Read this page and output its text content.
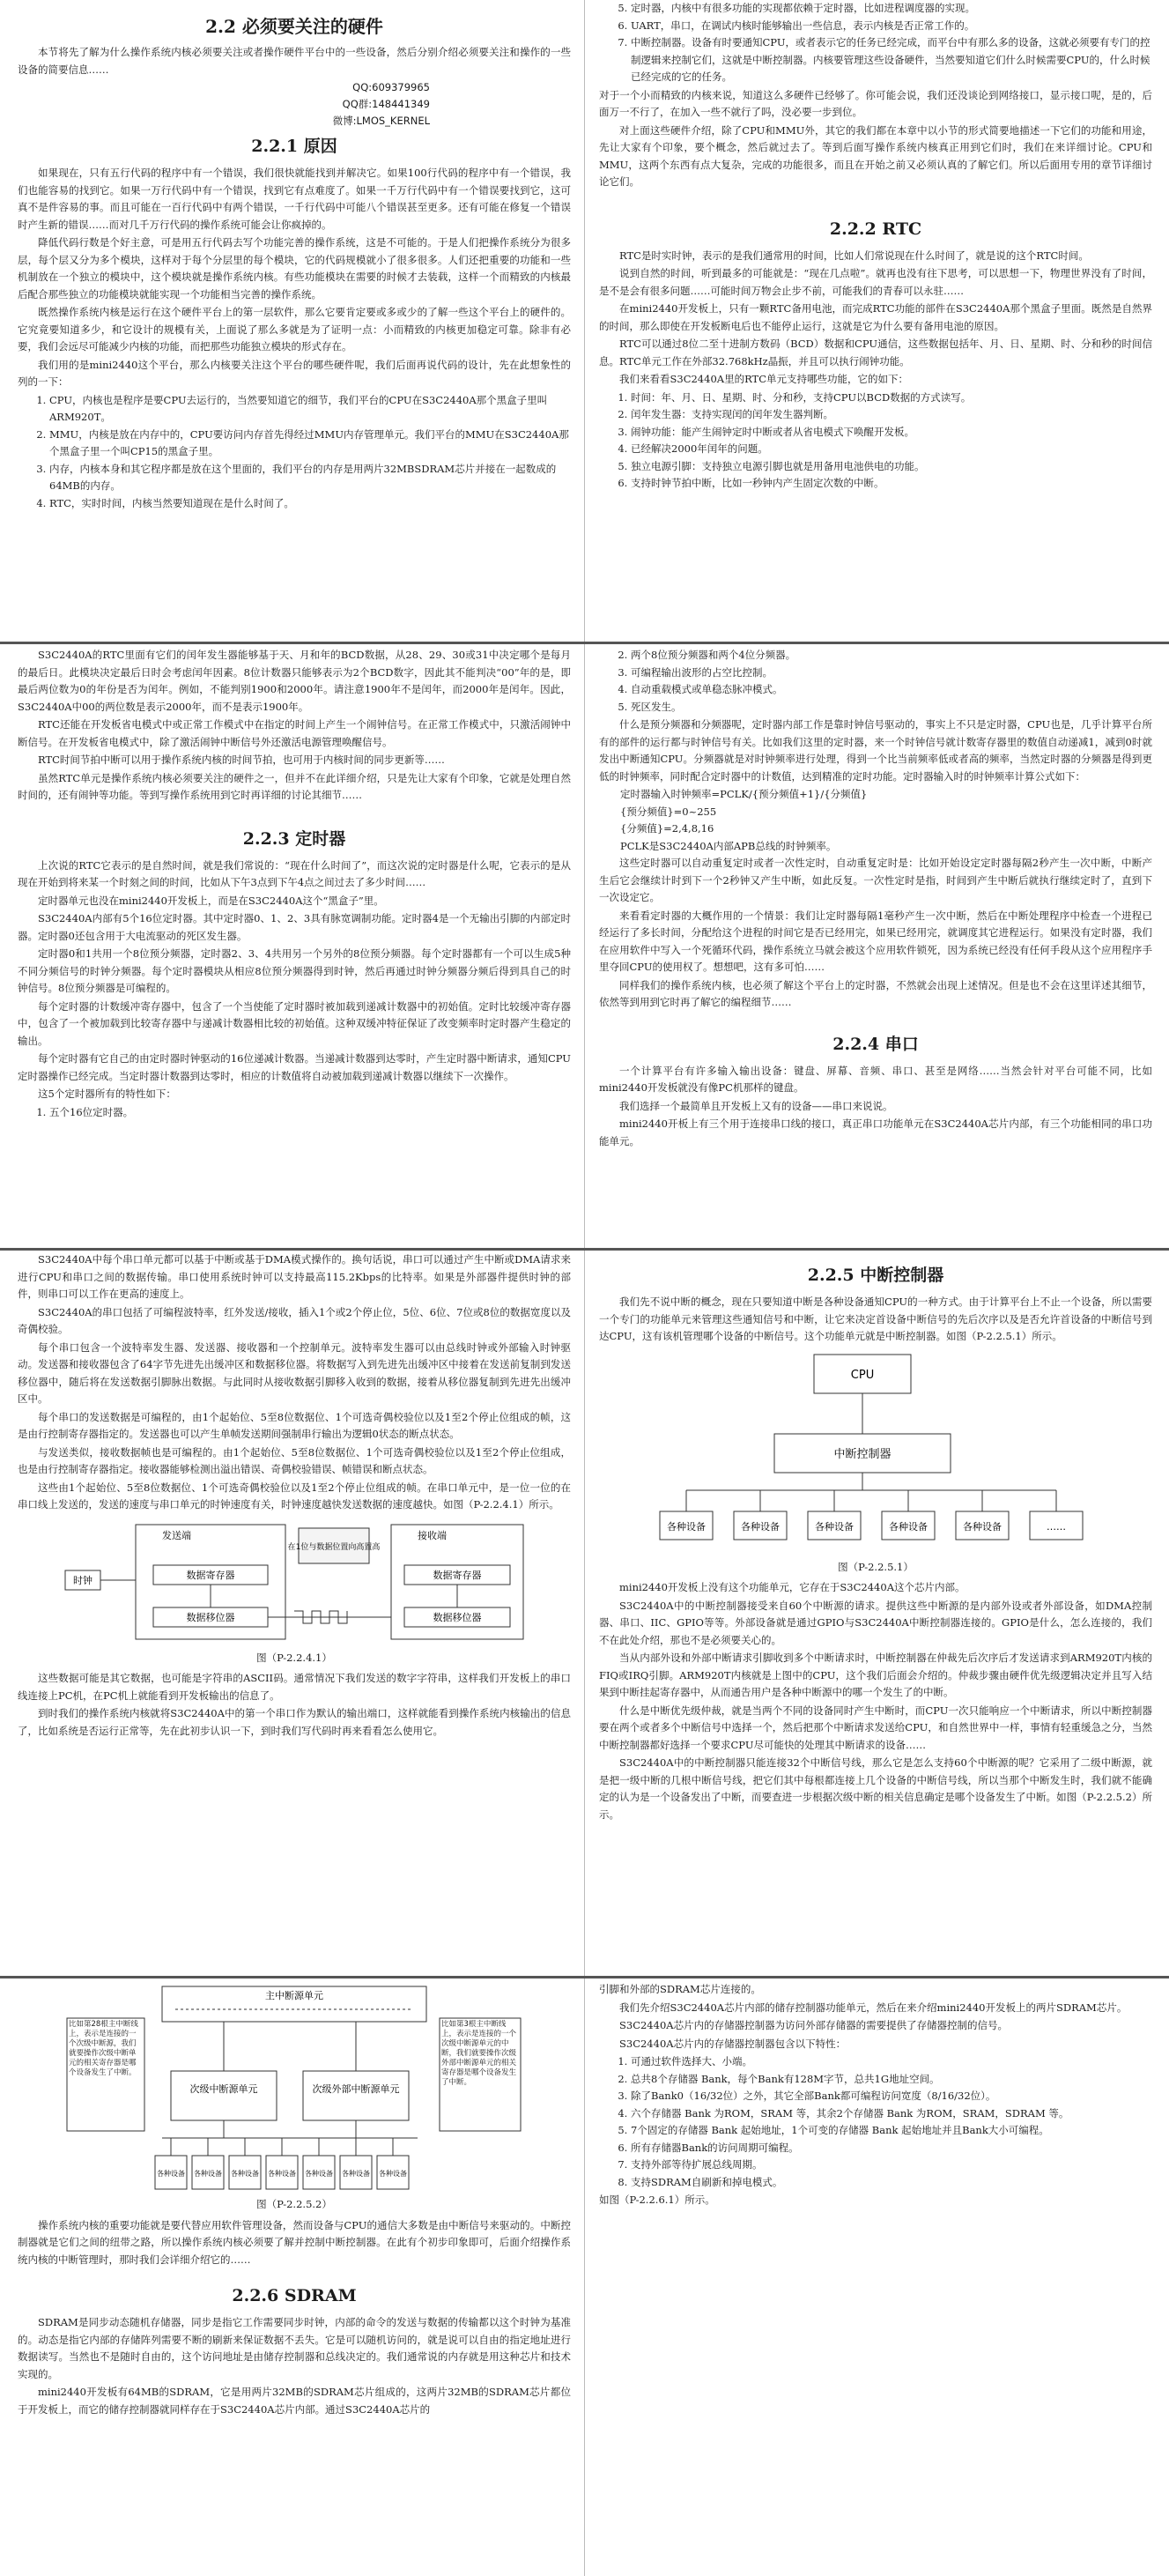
2.2 必须要关注的硬件

本节将先了解为什么操作系统内核必须要关注或者操作硬件平台中的一些设备，然后分别介绍必须要关注和操作的一些设备的简要信息……

QQ:609379965
QQ群:148441349
微博:LMOS_KERNEL
2.2.1 原因

如果现在，只有五行代码的程序中有一个错误，我们很快就能找到并解决它。如果100行代码的程序中有一个错误，我们也能容易的找到它。如果一万行代码中有一个错误，找到它有点难度了。如果一千万行代码中有一个错误要找到它，这可真不是件容易的事。而且可能在一百行代码中有两个错误，一千行代码中可能八个错误甚至更多。还有可能在修复一个错误时产生新的错误……而对几千万行代码的操作系统可能会让你疯掉的。

降低代码行数是个好主意，可是用五行代码去写个功能完善的操作系统，这是不可能的。于是人们把操作系统分为很多层，每个层又分为多个模块，这样对于每个分层里的每个模块，它的代码规模就小了很多很多。人们还把重要的功能和一些机制放在一个独立的模块中，这个模块就是操作系统内核。有些功能模块在需要的时候才去装载，这样一个而精致的内核最后配合那些独立的功能模块就能实现一个功能相当完善的操作系统。

既然操作系统内核是运行在这个硬件平台上的第一层软件，那么它要肯定要或多或少的了解一些这个平台上的硬件的。它究竟要知道多少，和它设计的规模有关，上面说了那么多就是为了证明一点：小而精致的内核更加稳定可靠。除非有必要，我们会远尽可能减少内核的功能，而把那些功能独立模块的形式存在。

我们用的是mini2440这个平台，那么内核要关注这个平台的哪些硬件呢，我们后面再说代码的设计，先在此想象性的列的一下：

1. CPU，内核也是程序是要CPU去运行的，当然要知道它的细节，我们平台的CPU在S3C2440A那个黑盒子里叫ARM920T。
2. MMU，内核是放在内存中的，CPU要访问内存首先得经过MMU内存管理单元。我们平台的MMU在S3C2440A那个黑盒子里一个叫CP15的黑盒子里。
3. 内存，内核本身和其它程序都是放在这个里面的，我们平台的内存是用两片32MBSDRAM芯片并接在一起数成的64MB的内存。
4. RTC，实时时间，内核当然要知道现在是什么时间了。
5. 定时器，内核中有很多功能的实现都依赖于定时器，比如进程调度器的实现。
6. UART，串口，在调试内核时能够输出一些信息，表示内核是否正常工作的。
7. 中断控制器。设备有时要通知CPU，或者表示它的任务已经完成，而平台中有那么多的设备，这就必须要有专门的控制逻辑来控制它们，这就是中断控制器。内核要管理这些设备硬件，当然要知道它们什么时候需要CPU的，什么时候已经完成的它的任务。

对于一个小而精致的内核来说，知道这么多硬件已经够了。你可能会说，我们还没谈论到网络接口，显示接口呢，是的，后面万一不行了，在加入一些不就行了吗，没必要一步到位。

对上面这些硬件介绍，除了CPU和MMU外，其它的我们都在本章中以小节的形式简要地描述一下它们的功能和用途，先让大家有个印象，要个概念，然后就过去了。等到后面写操作系统内核真正用到它们时，我们在来详细讨论。CPU和MMU，这两个东西有点大复杂，完成的功能很多，而且在开始之前又必须认真的了解它们。所以后面用专用的章节详细讨论它们。

2.2.2 RTC

RTC是时实时钟，表示的是我们通常用的时间，比如人们常说现在什么时间了，就是说的这个RTC时间。

说到自然的时间，听到最多的可能就是：“现在几点啦”。就再也没有往下思考，可以思想一下，物理世界没有了时间，是不是会有很多问题……可能时间万物会止步不前，可能我们的青春可以永驻……

在mini2440开发板上，只有一颗RTC备用电池，而完成RTC功能的部件在S3C2440A那个黑盒子里面。既然是自然界的时间，那么即使在开发板断电后也不能停止运行，这就是它为什么要有备用电池的原因。

RTC可以通过8位二至十进制方数码（BCD）数据和CPU通信，这些数据包括年、月、日、星期、时、分和秒的时间信息。RTC单元工作在外部32.768kHz晶振，并且可以执行闹钟功能。

我们来看看S3C2440A里的RTC单元支持哪些功能，它的如下：

1. 时间：年、月、日、星期、时、分和秒，支持CPU以BCD数据的方式读写。
2. 闰年发生器：支持实现闰的闰年发生器判断。
3. 闹钟功能：能产生闹钟定时中断或者从省电模式下唤醒开发板。
4. 已经解决2000年闰年的问题。
5. 独立电源引脚：支持独立电源引脚也就是用备用电池供电的功能。
6. 支持时钟节拍中断，比如一秒钟内产生固定次数的中断。

S3C2440A的RTC里面有它们的闰年发生器能够基于天、月和年的BCD数据，从28、29、30或31中决定哪个是每月的最后日。此模块决定最后日时会考虑闰年因素。8位计数器只能够表示为2个BCD数字，因此其不能判决“00”年的是，即最后两位数为0的年份是否为闰年。例如，不能判别1900和2000年。请注意1900年不是闰年，而2000年是闰年。因此，S3C2440A中00的两位数是表示2000年，而不是表示1900年。

RTC还能在开发板省电模式中或正常工作模式中在指定的时间上产生一个闹钟信号。在正常工作模式中，只激活闹钟中断信号。在开发板省电模式中，除了激活闹钟中断信号外还激活电源管理唤醒信号。

RTC时间节拍中断可以用于操作系统内核的时间节拍，也可用于内核时间的同步更新等……

虽然RTC单元是操作系统内核必须要关注的硬件之一，但并不在此详细介绍，只是先让大家有个印象，它就是处理自然时间的，还有闹钟等功能。等到写操作系统用到它时再详细的讨论其细节……

2.2.3 定时器

上次说的RTC它表示的是自然时间，就是我们常说的：“现在什么时间了”，而这次说的定时器是什么呢，它表示的是从现在开始到将来某一个时刻之间的时间，比如从下午3点到下午4点之间过去了多少时间……

定时器单元也没在mini2440开发板上，而是在S3C2440A这个“黑盒子”里。

S3C2440A内部有5个16位定时器。其中定时器0、1、2、3具有脉宽调制功能。定时器4是一个无输出引脚的内部定时器。定时器0还包含用于大电流驱动的死区发生器。

定时器0和1共用一个8位预分频器，定时器2、3、4共用另一个另外的8位预分频器。每个定时器都有一个可以生成5种不同分频信号的时钟分频器。每个定时器模块从相应8位预分频器得到时钟，然后再通过时钟分频器分频后得到具自己的时钟信号。8位预分频器是可编程的。

每个定时器的计数缓冲寄存器中，包含了一个当使能了定时器时被加载到递减计数器中的初始值。定时比较缓冲寄存器中，包含了一个被加载到比较寄存器中与递减计数器相比较的初始值。这种双缓冲特征保证了改变频率时定时器产生稳定的输出。

每个定时器有它自己的由定时器时钟驱动的16位递减计数器。当递减计数器到达零时，产生定时器中断请求，通知CPU定时器操作已经完成。当定时器计数器到达零时，相应的计数值将自动被加载到递减计数器以继续下一次操作。

这5个定时器所有的特性如下：

1. 五个16位定时器。
2. 两个8位预分频器和两个4位分频器。
3. 可编程输出波形的占空比控制。
4. 自动重载模式或单稳态脉冲模式。
5. 死区发生。

什么是预分频器和分频器呢，定时器内部工作是靠时钟信号驱动的，事实上不只是定时器，CPU也是，几乎计算平台所有的部件的运行都与时钟信号有关。比如我们这里的定时器，来一个时钟信号就计数寄存器里的数值自动递减1，减到0时就发出中断通知CPU。分频器就是对时钟频率进行处理，得到一个比当前频率低或者高的频率，当然定时器的分频器是得到更低的时钟频率，同时配合定时器中的计数值，达到精准的定时功能。定时器输入时的时钟频率计算公式如下：

定时器输入时钟频率=PCLK/{预分频值+1}/{分频值}
{预分频值}=0~255
{分频值}=2,4,8,16
PCLK是S3C2440A内部APB总线的时钟频率。

这些定时器可以自动重复定时或者一次性定时，自动重复定时是：比如开始设定定时器每隔2秒产生一次中断，中断产生后它会继续计时到下一个2秒钟又产生中断，如此反复。一次性定时是指，时间到产生中断后就执行继续定时了，直到下一次设定它。

来看看定时器的大概作用的一个情景：我们让定时器每隔1毫秒产生一次中断，然后在中断处理程序中检查一个进程已经运行了多长时间，分配给这个进程的时间它是否已经用完，如果已经用完，就调度其它进程运行。如果没有定时器，我们在应用软件中写入一个死循环代码，操作系统立马就会被这个应用软件锁死，因为系统已经没有任何手段从这个应用程序手里夺回CPU的使用权了。想想吧，这有多可怕……

同样我们的操作系统内核，也必须了解这个平台上的定时器，不然就会出现上述情况。但是也不会在这里详述其细节，依然等到用到它时再了解它的编程细节……

2.2.4 串口

一个计算平台有许多输入输出设备：键盘、屏幕、音频、串口、甚至是网络……当然会针对平台可能不同，比如mini2440开发板就没有像PC机那样的键盘。

我们选择一个最简单且开发板上又有的设备——串口来说说。

mini2440开板上有三个用于连接串口线的接口，真正串口功能单元在S3C2440A芯片内部，有三个功能相同的串口功能单元。

S3C2440A中每个串口单元都可以基于中断或基于DMA模式操作的。换句话说，串口可以通过产生中断或DMA请求来进行CPU和串口之间的数据传输。串口使用系统时钟可以支持最高115.2Kbps的比特率。如果是外部器件提供时钟的部件，则串口可以工作在更高的速度上。

S3C2440A的串口包括了可编程波特率，红外发送/接收，插入1个或2个停止位，5位、6位、7位或8位的数据宽度以及奇偶校验。

每个串口包含一个波特率发生器、发送器、接收器和一个控制单元。波特率发生器可以由总线时钟或外部输入时钟驱动。发送器和接收器包含了64字节先进先出缓冲区和数据移位器。将数据写入到先进先出缓冲区中接着在发送前复制到发送移位器中，随后将在发送数据引脚脉出数据。与此同时从接收数据引脚移入收到的数据，接着从移位器复制到先进先出缓冲区中。

每个串口的发送数据是可编程的，由1个起始位、5至8位数据位、1个可选奇偶校验位以及1至2个停止位组成的帧，这是由行控制寄存器指定的。发送器也可以产生单帧发送期间强制串行输出为逻辑0状态的断点状态。

与发送类似，接收数据帧也是可编程的。由1个起始位、5至8位数据位、1个可选奇偶校验位以及1至2个停止位组成，也是由行控制寄存器指定。接收器能够检测出溢出错误、奇偶校验错误、帧错误和断点状态。

这些由1个起始位、5至8位数据位、1个可选奇偶校验位以及1至2个停止位组成的帧。在串口单元中，是一位一位的在串口线上发送的，发送的速度与串口单元的时钟速度有关，时钟速度越快发送数据的速度越快。如图（P-2.2.4.1）所示。

时钟
发送端
数据寄存器
数据移位器
在1位与数据位置向高置高
接收端
数据寄存器
数据移位器
图（P-2.2.4.1）

这些数据可能是其它数据，也可能是字符串的ASCII码。通常情况下我们发送的数字字符串，这样我们开发板上的串口线连接上PC机，在PC机上就能看到开发板输出的信息了。

到时我们的操作系统内核就将S3C2440A中的第一个串口作为默认的输出端口，这样就能看到操作系统内核输出的信息了，比如系统是否运行正常等，先在此初步认识一下，到时我们写代码时再来看看怎么使用它。

2.2.5 中断控制器

我们先不说中断的概念，现在只要知道中断是各种设备通知CPU的一种方式。由于计算平台上不止一个设备，所以需要一个专门的功能单元来管理这些通知信号和中断，让它来决定首设备中断信号的先后次序以及是否允许首设备的中断信号到达CPU，这有该机管理哪个设备的中断信号。这个功能单元就是中断控制器。如图（P-2.2.5.1）所示。

CPU
中断控制器
各种设备	各种设备	各种设备	各种设备	各种设备	……
图（P-2.2.5.1）

mini2440开发板上没有这个功能单元，它存在于S3C2440A这个芯片内部。

S3C2440A中的中断控制器接受来自60个中断源的请求。提供这些中断源的是内部外设或者外部设备，如DMA控制器、串口、IIC、GPIO等等。外部设备就是通过GPIO与S3C2440A中断控制器连接的。GPIO是什么，怎么连接的，我们不在此处介绍，那也不是必须要关心的。

当从内部外设和外部中断请求引脚收到多个中断请求时，中断控制器在仲裁先后次序后才发送请求到ARM920T内核的 FIQ或IRQ引脚。ARM920T内核就是上图中的CPU，这个我们后面会介绍的。仲裁步骤由硬件优先级逻辑决定并且写入结果到中断挂起寄存器中，从而通告用户是各种中断源中的哪一个发生了的中断。

什么是中断优先级仲裁，就是当两个不同的设备同时产生中断时，而CPU一次只能响应一个中断请求，所以中断控制器要在两个或者多个中断信号中选择一个，然后把那个中断请求发送给CPU，和自然世界中一样，事情有轻重缓急之分，当然中断控制器都好选择一个要求CPU尽可能快的处理其中断请求的设备……

S3C2440A中的中断控制器只能连接32个中断信号线，那么它是怎么支持60个中断源的呢？它采用了二级中断源，就是把一级中断的几根中断信号线，把它们其中每根都连接上几个设备的中断信号线，所以当那个中断发生时，我们就不能确定的认为是一个设备发出了中断，而要查进一步根据次级中断的相关信息确定是哪个设备发生了中断。如图（P-2.2.5.2）所示。

主中断源单元
比如第28根主中断线上，表示是连接的一个次级中断源，我们就要操作次级中断单元的相关寄存器是哪个设备发生了中断。
比如第3根主中断线上，表示是连接的一个次级中断源单元的中断，我们就要操作次级外部中断源单元的相关寄存器是哪个设备发生了中断。
次级中断源单元	次级外部中断源单元
各种设备 各种设备 各种设备 各种设备 各种设备 各种设备 各种设备
图（P-2.2.5.2）

操作系统内核的重要功能就是要代替应用软件管理设备，然而设备与CPU的通信大多数是由中断信号来驱动的。中断控制器就是它们之间的纽带之路，所以操作系统内核必须要了解并控制中断控制器。在此有个初步印象即可，后面介绍操作系统内核的中断管理时，那时我们会详细介绍它的……

2.2.6 SDRAM

SDRAM是同步动态随机存储器，同步是指它工作需要同步时钟，内部的命令的发送与数据的传输都以这个时钟为基准的。动态是指它内部的存储阵列需要不断的刷新来保证数据不丢失。它是可以随机访问的，就是说可以自由的指定地址进行数据读写。当然也不是随时自由的，这个访问地址是由储存控制器和总线决定的。我们通常说的内存就是用这种芯片和技术实现的。

mini2440开发板有64MB的SDRAM，它是用两片32MB的SDRAM芯片组成的，这两片32MB的SDRAM芯片都位于开发板上，而它的储存控制器就同样存在于S3C2440A芯片内部。通过S3C2440A芯片的

引脚和外部的SDRAM芯片连接的。

我们先介绍S3C2440A芯片内部的储存控制器功能单元，然后在来介绍mini2440开发板上的两片SDRAM芯片。

S3C2440A芯片内的存储器控制器为访问外部存储器的需要提供了存储器控制的信号。

S3C2440A芯片内的存储器控制器包含以下特性：

1. 可通过软件选择大、小端。
2. 总共8个存储器 Bank，每个Bank有128M字节，总共1G地址空间。
3. 除了Bank0（16/32位）之外，其它全部Bank都可编程访问宽度（8/16/32位）。
4. 六个存储器 Bank 为ROM，SRAM 等，其余2个存储器 Bank 为ROM，SRAM，SDRAM 等。
5. 7个固定的存储器 Bank 起始地址，1个可变的存储器 Bank 起始地址并且Bank大小可编程。
6. 所有存储器Bank的访问周期可编程。
7. 支持外部等待扩展总线周期。
8. 支持SDRAM自刷新和掉电模式。

如图（P-2.2.6.1）所示。
